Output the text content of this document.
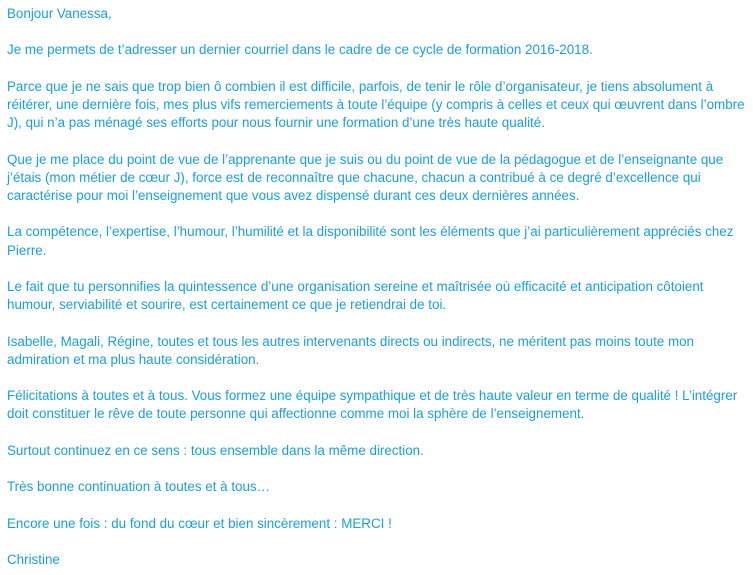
Bonjour Vanessa,

Je me permets de t’adresser un dernier courriel dans le cadre de ce cycle de formation 2016-2018.

Parce que je ne sais que trop bien ô combien il est difficile, parfois, de tenir le rôle d’organisateur, je tiens absolument à réitérer, une dernière fois, mes plus vifs remerciements à toute l’équipe (y compris à celles et ceux qui œuvrent dans l’ombre J), qui n’a pas ménagé ses efforts pour nous fournir une formation d’une très haute qualité.

Que je me place du point de vue de l’apprenante que je suis ou du point de vue de la pédagogue et de l’enseignante que j’étais (mon métier de cœur J), force est de reconnaître que chacune, chacun a contribué à ce degré d’excellence qui caractérise pour moi l’enseignement que vous avez dispensé durant ces deux dernières années.

La compétence, l’expertise, l’humour, l’humilité et la disponibilité sont les éléments que j’ai particulièrement appréciés chez Pierre.

Le fait que tu personnifies la quintessence d’une organisation sereine et maîtrisée où efficacité et anticipation côtoient humour, serviabilité et sourire, est certainement ce que je retiendrai de toi.

Isabelle, Magali, Régine, toutes et tous les autres intervenants directs ou indirects, ne méritent pas moins toute mon admiration et ma plus haute considération.

Félicitations à toutes et à tous. Vous formez une équipe sympathique et de très haute valeur en terme de qualité ! L’intégrer doit constituer le rêve de toute personne qui affectionne comme moi la sphère de l’enseignement.

Surtout continuez en ce sens : tous ensemble dans la même direction.

Très bonne continuation à toutes et à tous…

Encore une fois : du fond du cœur et bien sincèrement : MERCI !

Christine
